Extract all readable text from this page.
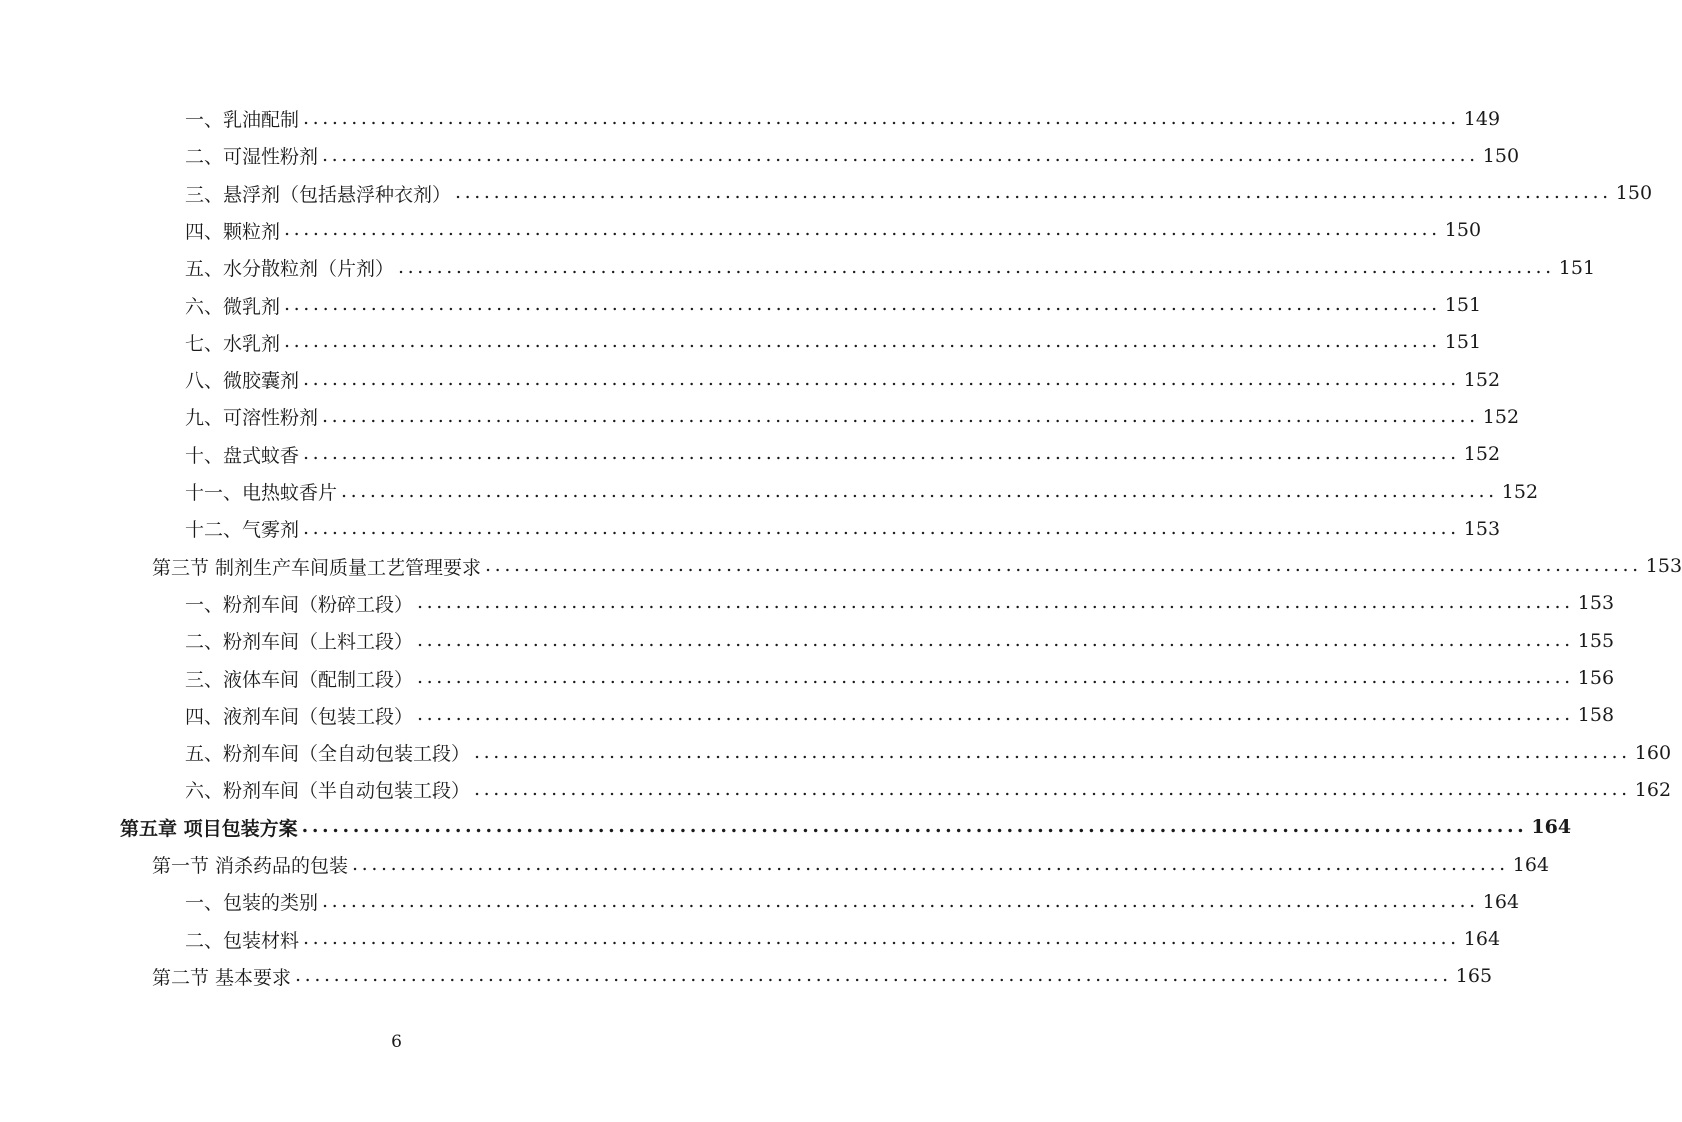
一、乳油配制 ........................................................................................................................ 149
二、可湿性粉剂 ........................................................................................................................ 150
三、悬浮剂（包括悬浮种衣剂） ........................................................................................................................ 150
四、颗粒剂 ........................................................................................................................ 150
五、水分散粒剂（片剂） ........................................................................................................................ 151
六、微乳剂 ........................................................................................................................ 151
七、水乳剂 ........................................................................................................................ 151
八、微胶囊剂 ........................................................................................................................ 152
九、可溶性粉剂 ........................................................................................................................ 152
十、盘式蚊香 ........................................................................................................................ 152
十一、电热蚊香片 ........................................................................................................................ 152
十二、气雾剂 ........................................................................................................................ 153
第三节 制剂生产车间质量工艺管理要求 ........................................................................................................................ 153
一、粉剂车间（粉碎工段） ........................................................................................................................ 153
二、粉剂车间（上料工段） ........................................................................................................................ 155
三、液体车间（配制工段） ........................................................................................................................ 156
四、液剂车间（包装工段） ........................................................................................................................ 158
五、粉剂车间（全自动包装工段） ........................................................................................................................ 160
六、粉剂车间（半自动包装工段） ........................................................................................................................ 162
第五章 项目包装方案 ........................................................................................................................ 164
第一节 消杀药品的包装 ........................................................................................................................ 164
一、包装的类别 ........................................................................................................................ 164
二、包装材料 ........................................................................................................................ 164
第二节 基本要求 ........................................................................................................................ 165
6
